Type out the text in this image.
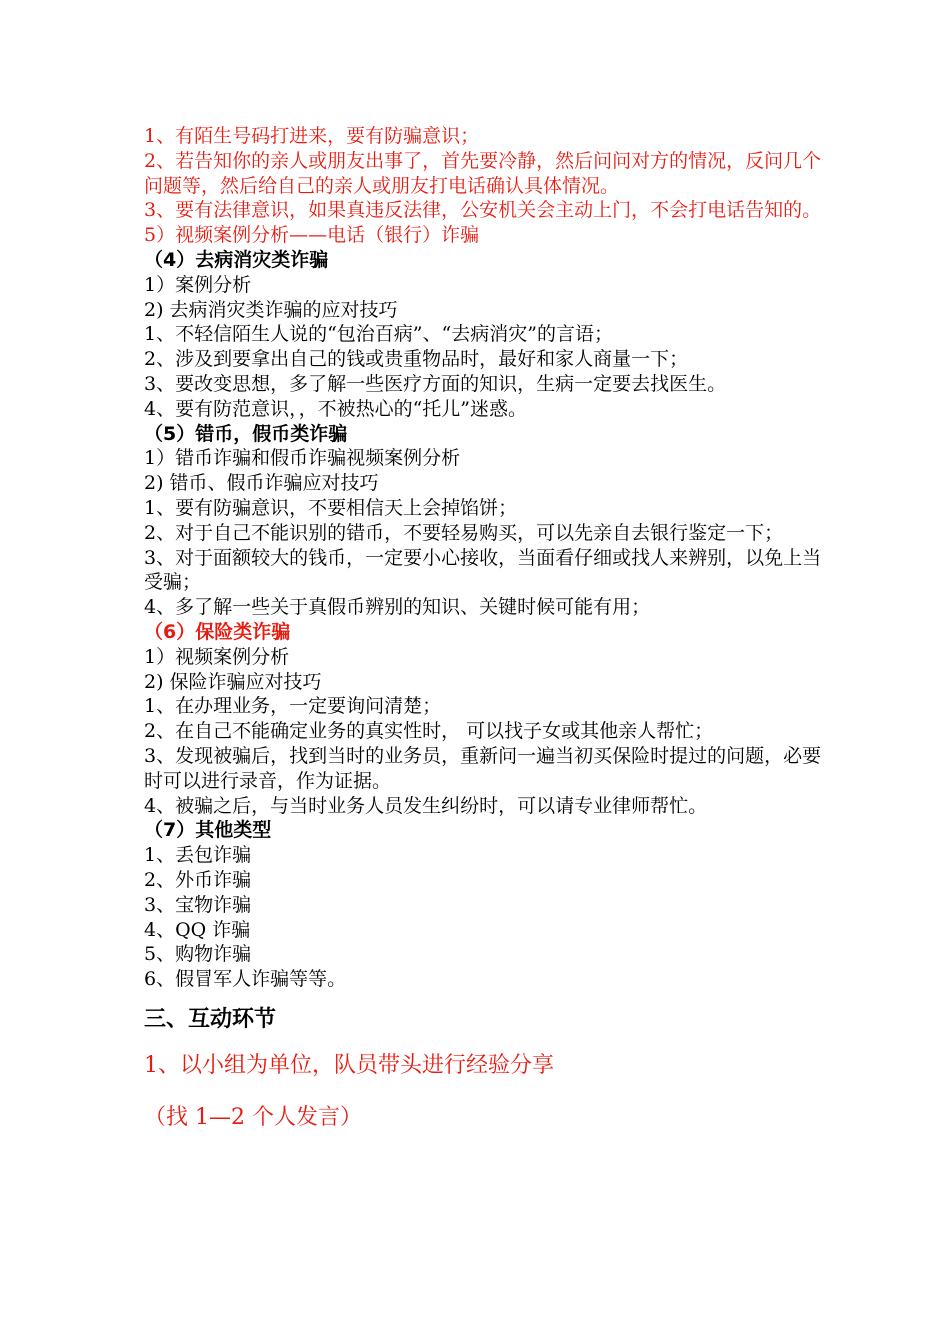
1、有陌生号码打进来，要有防骗意识；

2、若告知你的亲人或朋友出事了，首先要冷静，然后问问对方的情况，反问几个问题等，然后给自己的亲人或朋友打电话确认具体情况。

3、要有法律意识，如果真违反法律，公安机关会主动上门，不会打电话告知的。

5）视频案例分析——电话（银行）诈骗

（4）去病消灾类诈骗

1）案例分析

2) 去病消灾类诈骗的应对技巧

1、不轻信陌生人说的“包治百病”、“去病消灾”的言语；

2、涉及到要拿出自己的钱或贵重物品时，最好和家人商量一下；

3、要改变思想，多了解一些医疗方面的知识，生病一定要去找医生。

4、要有防范意识，，不被热心的“托儿”迷惑。

（5）错币，假币类诈骗

1）错币诈骗和假币诈骗视频案例分析

2) 错币、假币诈骗应对技巧

1、要有防骗意识，不要相信天上会掉馅饼；

2、对于自己不能识别的错币，不要轻易购买，可以先亲自去银行鉴定一下；

3、对于面额较大的钱币，一定要小心接收，当面看仔细或找人来辨别，以免上当受骗；

4、多了解一些关于真假币辨别的知识、关键时候可能有用；

（6）保险类诈骗

1）视频案例分析

2) 保险诈骗应对技巧

1、在办理业务，一定要询问清楚；

2、在自己不能确定业务的真实性时， 可以找子女或其他亲人帮忙；

3、发现被骗后，找到当时的业务员，重新问一遍当初买保险时提过的问题，必要时可以进行录音，作为证据。

4、被骗之后，与当时业务人员发生纠纷时，可以请专业律师帮忙。

（7）其他类型

1、丢包诈骗

2、外币诈骗

3、宝物诈骗

4、QQ 诈骗

5、购物诈骗

6、假冒军人诈骗等等。

三、互动环节
1、以小组为单位，队员带头进行经验分享
（找 1—2 个人发言）
